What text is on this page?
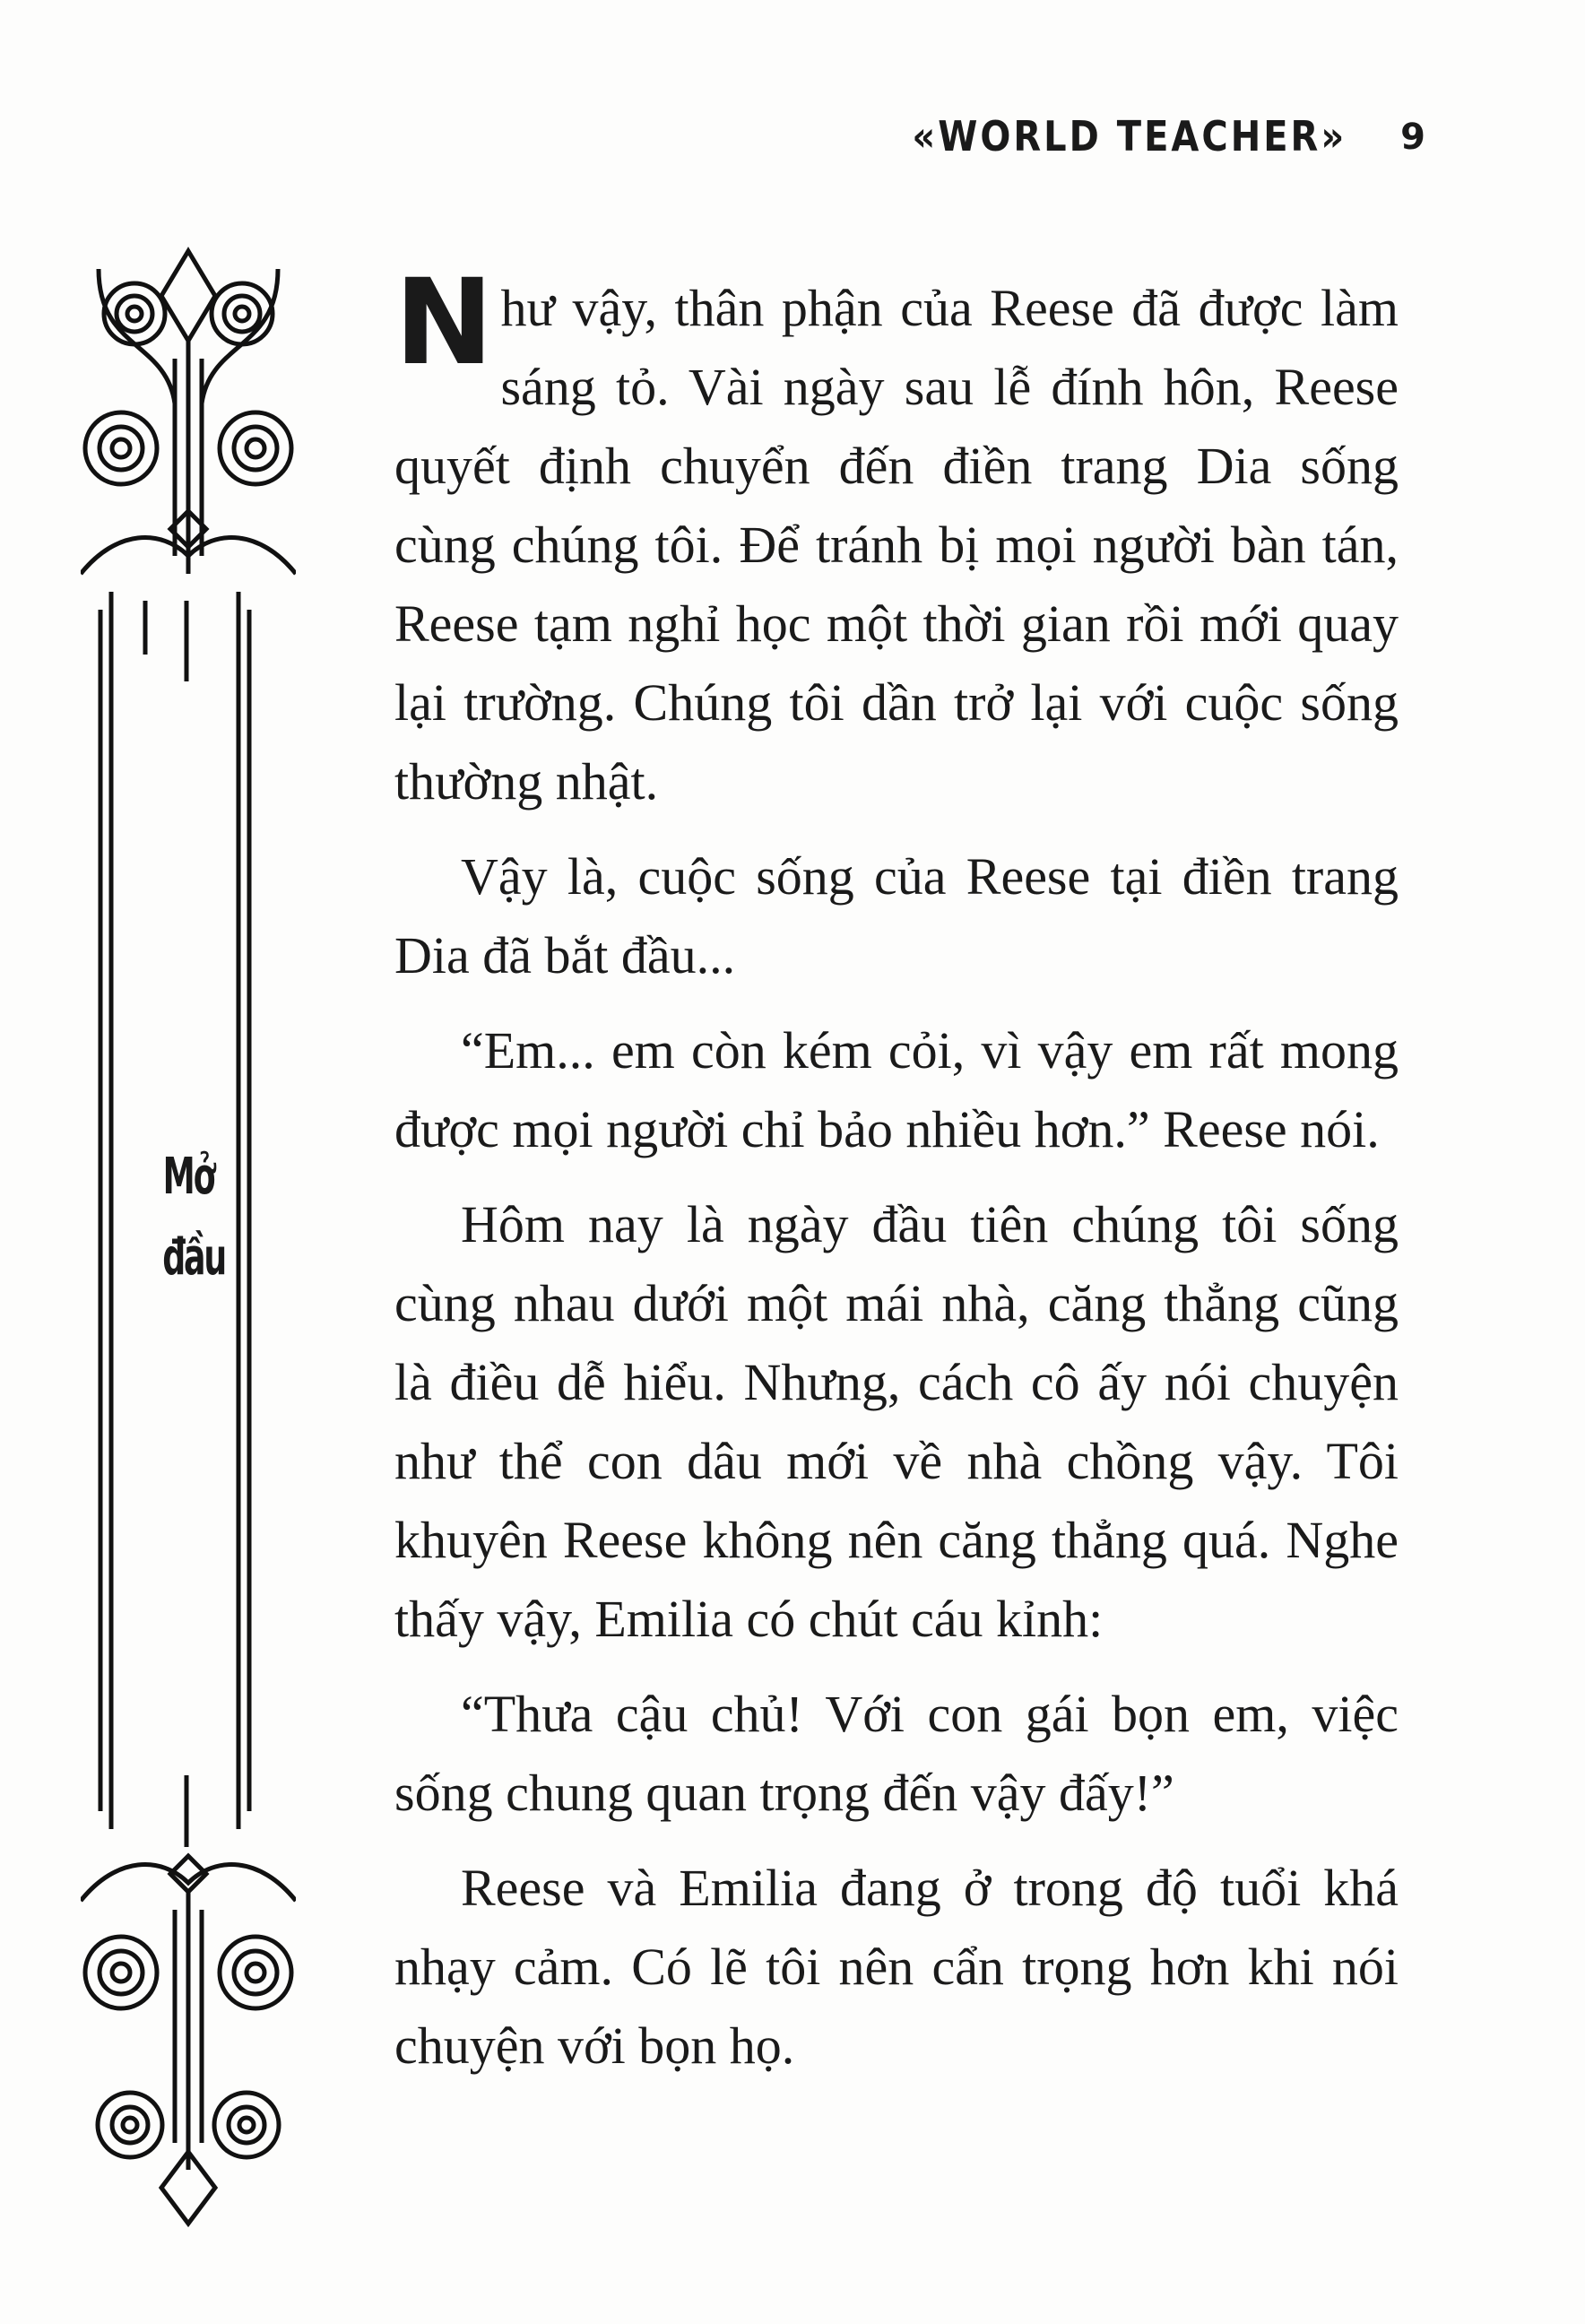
«WORLD TEACHER» 9
Mở
đầu

Như vậy, thân phận của Reese đã được làm sáng tỏ. Vài ngày sau lễ đính hôn, Reese quyết định chuyển đến điền trang Dia sống cùng chúng tôi. Để tránh bị mọi người bàn tán, Reese tạm nghỉ học một thời gian rồi mới quay lại trường. Chúng tôi dần trở lại với cuộc sống thường nhật.

Vậy là, cuộc sống của Reese tại điền trang Dia đã bắt đầu...

“Em... em còn kém cỏi, vì vậy em rất mong được mọi người chỉ bảo nhiều hơn.” Reese nói.

Hôm nay là ngày đầu tiên chúng tôi sống cùng nhau dưới một mái nhà, căng thẳng cũng là điều dễ hiểu. Nhưng, cách cô ấy nói chuyện như thể con dâu mới về nhà chồng vậy. Tôi khuyên Reese không nên căng thẳng quá. Nghe thấy vậy, Emilia có chút cáu kỉnh:

“Thưa cậu chủ! Với con gái bọn em, việc sống chung quan trọng đến vậy đấy!”

Reese và Emilia đang ở trong độ tuổi khá nhạy cảm. Có lẽ tôi nên cẩn trọng hơn khi nói chuyện với bọn họ.
